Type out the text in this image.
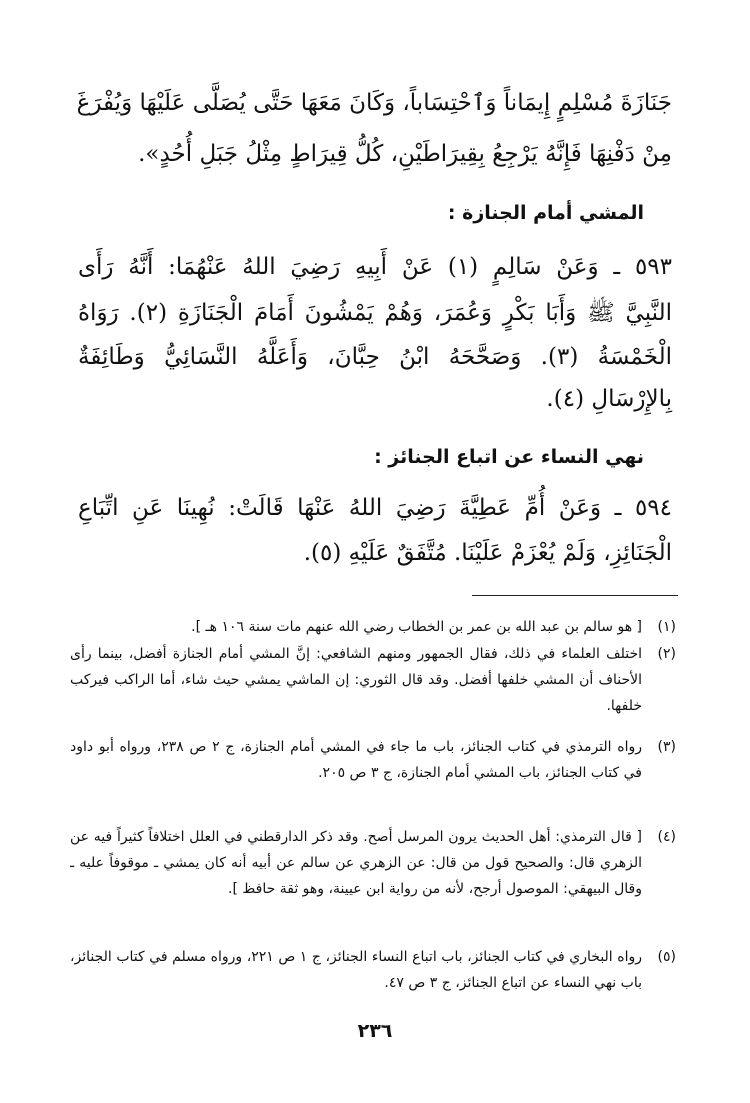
جَنَازَةَ مُسْلِمٍ إِيمَاناً وَٱحْتِسَاباً، وَكَانَ مَعَهَا حَتَّى يُصَلَّى عَلَيْهَا وَيُفْرَغَ
مِنْ دَفْنِهَا فَإِنَّهُ يَرْجِعُ بِقِيرَاطَيْنِ، كُلُّ قِيرَاطٍ مِثْلُ جَبَلِ أُحُدٍ».
المشي أمام الجنازة :
٥٩٣ ـ وَعَنْ سَالِمٍ (١) عَنْ أَبِيهِ رَضِيَ اللهُ عَنْهُمَا: أَنَّهُ رَأَى
النَّبِيَّ ﷺ وَأَبَا بَكْرٍ وَعُمَرَ، وَهُمْ يَمْشُونَ أَمَامَ الْجَنَازَةِ (٢). رَوَاهُ
الْخَمْسَةُ (٣). وَصَحَّحَهُ ابْنُ حِبَّانَ، وَأَعَلَّهُ النَّسَائِيُّ وَطَائِفَةٌ
بِالإِرْسَالِ (٤).
نهي النساء عن اتباع الجنائز :
٥٩٤ ـ وَعَنْ أُمِّ عَطِيَّةَ رَضِيَ اللهُ عَنْهَا قَالَتْ: نُهِينَا عَنِ اتِّبَاعِ
الْجَنَائِزِ، وَلَمْ يُعْزَمْ عَلَيْنَا. مُتَّفَقٌ عَلَيْهِ (٥).
(١)
[ هو سالم بن عبد الله بن عمر بن الخطاب رضي الله عنهم مات سنة ١٠٦ هـ ].
(٢)
اختلف العلماء في ذلك، فقال الجمهور ومنهم الشافعي: إنَّ المشي أمام الجنازة أفضل، بينما رأى الأحناف أن المشي خلفها أفضل. وقد قال الثوري: إن الماشي يمشي حيث شاء، أما الراكب فيركب خلفها.
(٣)
رواه الترمذي في كتاب الجنائز، باب ما جاء في المشي أمام الجنازة، ج ٢ ص ٢٣٨، ورواه أبو داود في كتاب الجنائز، باب المشي أمام الجنازة، ج ٣ ص ٢٠٥.
(٤)
[ قال الترمذي: أهل الحديث يرون المرسل أصح. وقد ذكر الدارقطني في العلل اختلافاً كثيراً فيه عن الزهري قال: والصحيح قول من قال: عن الزهري عن سالم عن أبيه أنه كان يمشي ـ موقوفاً عليه ـ وقال البيهقي: الموصول أرجح، لأنه من رواية ابن عيينة، وهو ثقة حافظ ].
(٥)
رواه البخاري في كتاب الجنائز، باب اتباع النساء الجنائز، ج ١ ص ٢٢١، ورواه مسلم في كتاب الجنائز، باب نهي النساء عن اتباع الجنائز، ج ٣ ص ٤٧.
٢٣٦
